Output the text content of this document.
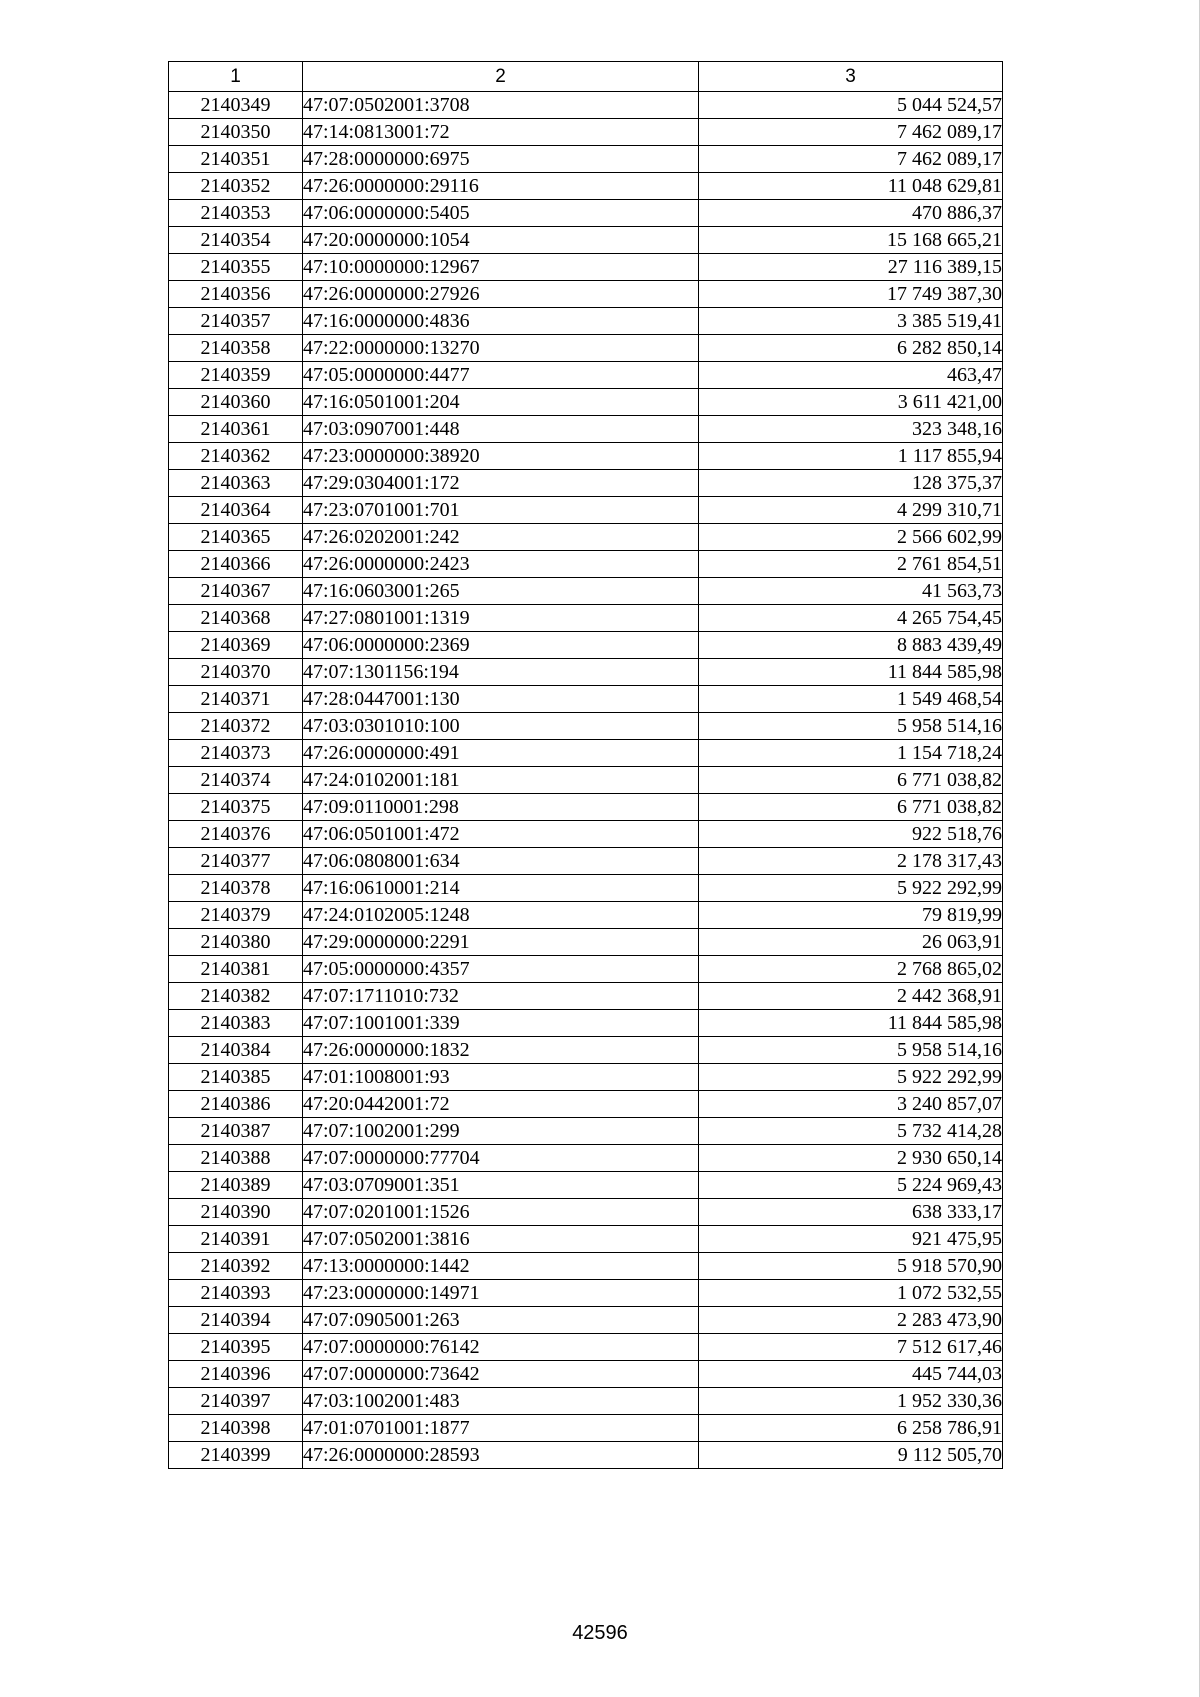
1	2	3
2140349	47:07:0502001:3708	5 044 524,57
2140350	47:14:0813001:72	7 462 089,17
2140351	47:28:0000000:6975	7 462 089,17
2140352	47:26:0000000:29116	11 048 629,81
2140353	47:06:0000000:5405	470 886,37
2140354	47:20:0000000:1054	15 168 665,21
2140355	47:10:0000000:12967	27 116 389,15
2140356	47:26:0000000:27926	17 749 387,30
2140357	47:16:0000000:4836	3 385 519,41
2140358	47:22:0000000:13270	6 282 850,14
2140359	47:05:0000000:4477	463,47
2140360	47:16:0501001:204	3 611 421,00
2140361	47:03:0907001:448	323 348,16
2140362	47:23:0000000:38920	1 117 855,94
2140363	47:29:0304001:172	128 375,37
2140364	47:23:0701001:701	4 299 310,71
2140365	47:26:0202001:242	2 566 602,99
2140366	47:26:0000000:2423	2 761 854,51
2140367	47:16:0603001:265	41 563,73
2140368	47:27:0801001:1319	4 265 754,45
2140369	47:06:0000000:2369	8 883 439,49
2140370	47:07:1301156:194	11 844 585,98
2140371	47:28:0447001:130	1 549 468,54
2140372	47:03:0301010:100	5 958 514,16
2140373	47:26:0000000:491	1 154 718,24
2140374	47:24:0102001:181	6 771 038,82
2140375	47:09:0110001:298	6 771 038,82
2140376	47:06:0501001:472	922 518,76
2140377	47:06:0808001:634	2 178 317,43
2140378	47:16:0610001:214	5 922 292,99
2140379	47:24:0102005:1248	79 819,99
2140380	47:29:0000000:2291	26 063,91
2140381	47:05:0000000:4357	2 768 865,02
2140382	47:07:1711010:732	2 442 368,91
2140383	47:07:1001001:339	11 844 585,98
2140384	47:26:0000000:1832	5 958 514,16
2140385	47:01:1008001:93	5 922 292,99
2140386	47:20:0442001:72	3 240 857,07
2140387	47:07:1002001:299	5 732 414,28
2140388	47:07:0000000:77704	2 930 650,14
2140389	47:03:0709001:351	5 224 969,43
2140390	47:07:0201001:1526	638 333,17
2140391	47:07:0502001:3816	921 475,95
2140392	47:13:0000000:1442	5 918 570,90
2140393	47:23:0000000:14971	1 072 532,55
2140394	47:07:0905001:263	2 283 473,90
2140395	47:07:0000000:76142	7 512 617,46
2140396	47:07:0000000:73642	445 744,03
2140397	47:03:1002001:483	1 952 330,36
2140398	47:01:0701001:1877	6 258 786,91
2140399	47:26:0000000:28593	9 112 505,70
42596
